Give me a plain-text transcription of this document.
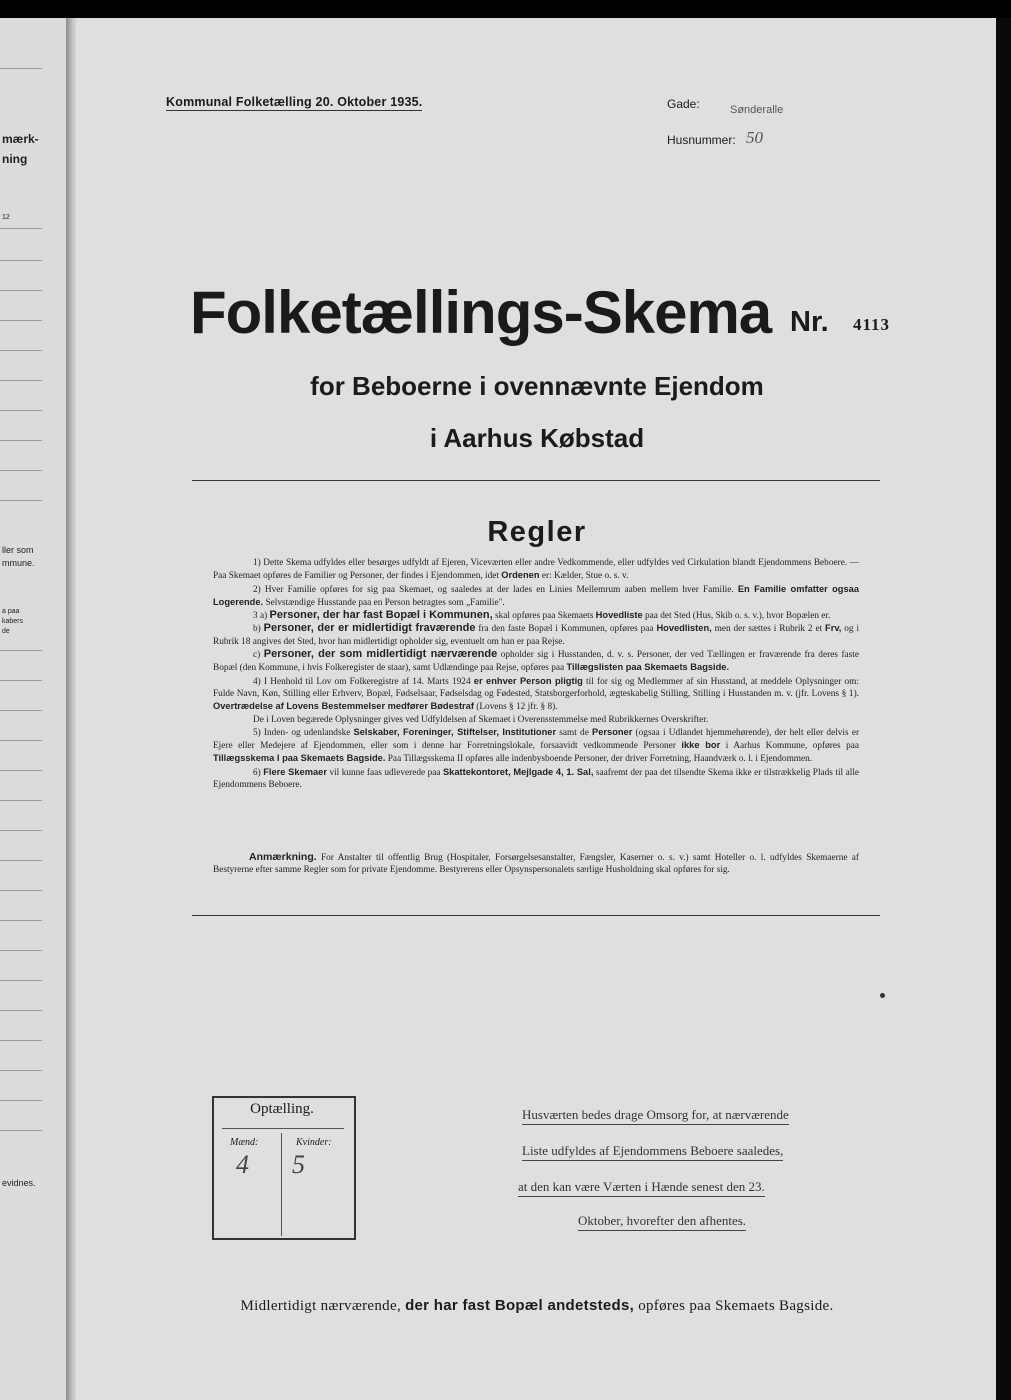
mærk-
ning
12
ller som
mmune.
a paa
kabers
de
evidnes.
Kommunal Folketælling 20. Oktober 1935.	Gade:	Sønderalle
Husnummer: 50
Folketællings-Skema Nr. 4113
for Beboerne i ovennævnte Ejendom
i Aarhus Købstad
Regler

1) Dette Skema udfyldes eller besørges udfyldt af Ejeren, Viceværten eller andre Vedkommende, eller udfyldes ved Cirkulation blandt Ejendommens Beboere. — Paa Skemaet opføres de Familier og Personer, der findes i Ejendommen, idet Ordenen er: Kælder, Stue o. s. v.

2) Hver Familie opføres for sig paa Skemaet, og saaledes at der lades en Linies Mellemrum aaben mellem hver Familie. En Familie omfatter ogsaa Logerende. Selvstændige Husstande paa en Person betragtes som „Familie".

3 a) Personer, der har fast Bopæl i Kommunen, skal opføres paa Skemaets Hovedliste paa det Sted (Hus, Skib o. s. v.), hvor Bopælen er.

b) Personer, der er midlertidigt fraværende fra den faste Bopæl i Kommunen, opføres paa Hovedlisten, men der sættes i Rubrik 2 et Frv, og i Rubrik 18 angives det Sted, hvor han midlertidigt opholder sig, eventuelt om han er paa Rejse.

c) Personer, der som midlertidigt nærværende opholder sig i Husstanden, d. v. s. Personer, der ved Tællingen er fraværende fra deres faste Bopæl (den Kommune, i hvis Folkeregister de staar), samt Udlændinge paa Rejse, opføres paa Tillægslisten paa Skemaets Bagside.

4) I Henhold til Lov om Folkeregistre af 14. Marts 1924 er enhver Person pligtig til for sig og Medlemmer af sin Husstand, at meddele Oplysninger om: Fulde Navn, Køn, Stilling eller Erhverv, Bopæl, Fødselsaar, Fødselsdag og Fødested, Statsborgerforhold, ægteskabelig Stilling, Stilling i Husstanden m. v. (jfr. Lovens § 1). Overtrædelse af Lovens Bestemmelser medfører Bødestraf (Lovens § 12 jfr. § 8).

De i Loven begærede Oplysninger gives ved Udfyldelsen af Skemaet i Overensstemmelse med Rubrikkernes Overskrifter.

5) Inden- og udenlandske Selskaber, Foreninger, Stiftelser, Institutioner samt de Personer (ogsaa i Udlandet hjemmehørende), der helt eller delvis er Ejere eller Medejere af Ejendommen, eller som i denne har Forretningslokale, forsaavidt vedkommende Personer ikke bor i Aarhus Kommune, opføres paa Tillægsskema I paa Skemaets Bagside. Paa Tillægsskema II opføres alle indenbysboende Personer, der driver Forretning, Haandværk o. l. i Ejendommen.

6) Flere Skemaer vil kunne faas udleverede paa Skattekontoret, Mejlgade 4, 1. Sal, saafremt der paa det tilsendte Skema ikke er tilstrækkelig Plads til alle Ejendommens Beboere.

Anmærkning. For Anstalter til offentlig Brug (Hospitaler, Forsørgelsesanstalter, Fængsler, Kaserner o. s. v.) samt Hoteller o. l. udfyldes Skemaerne af Bestyrerne efter samme Regler som for private Ejendomme. Bestyrerens eller Opsynspersonalets særlige Husholdning skal opføres for sig.
Optælling.
Mænd:	Kvinder:
4 5
Husværten bedes drage Omsorg for, at nærværende
Liste udfyldes af Ejendommens Beboere saaledes,
at den kan være Værten i Hænde senest den 23.
Oktober, hvorefter den afhentes.
Midlertidigt nærværende, der har fast Bopæl andetsteds, opføres paa Skemaets Bagside.
